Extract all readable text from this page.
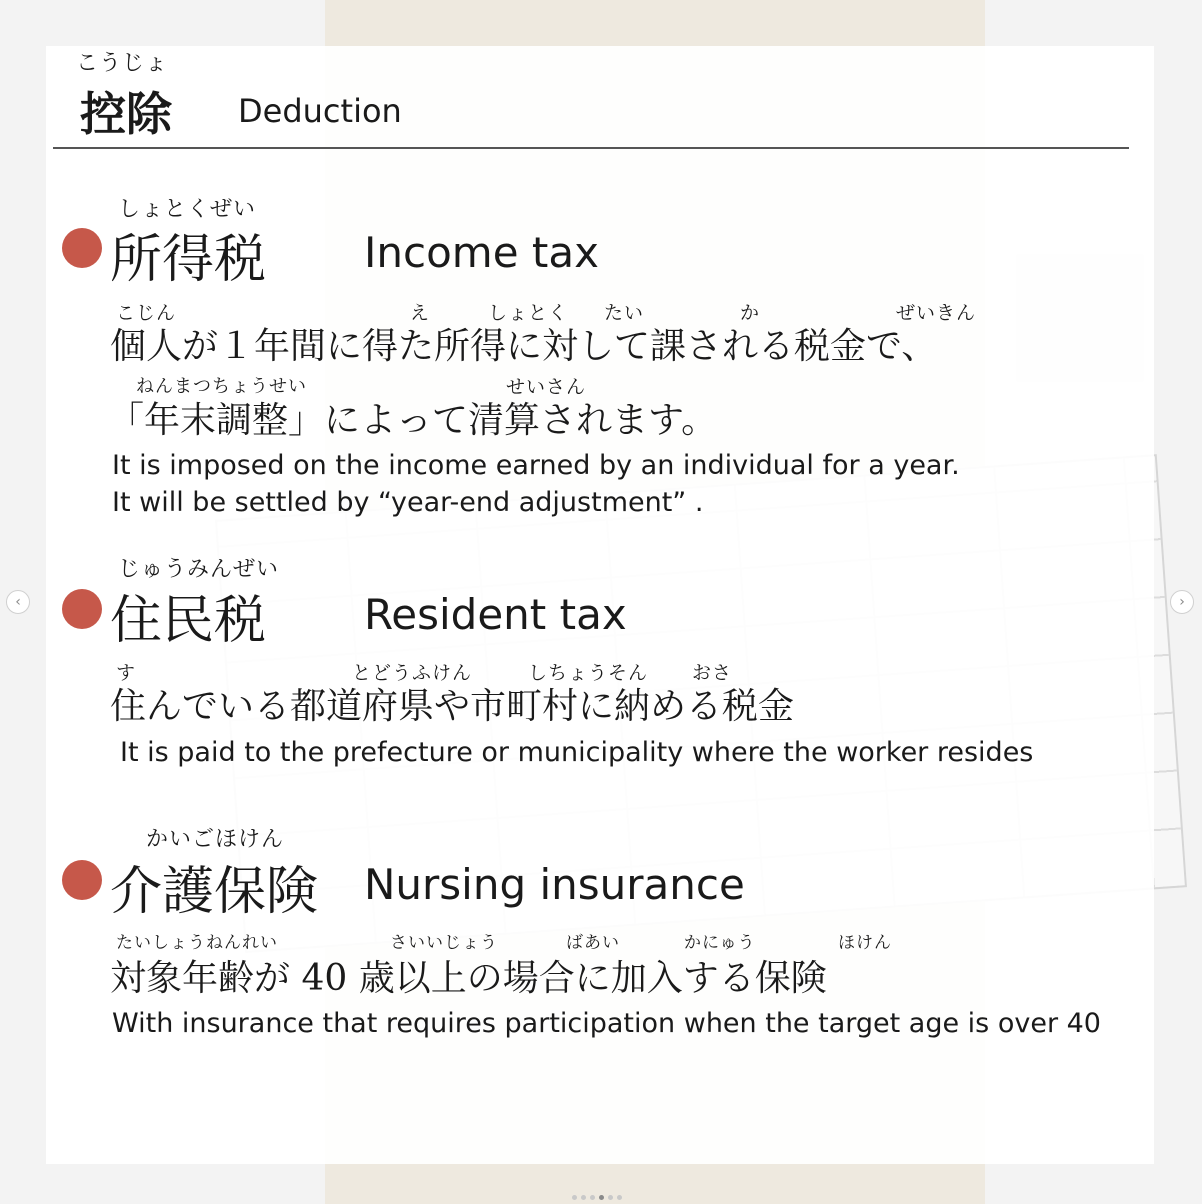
こうじょ
控除 Deduction
しょとくぜい
所得税 Income tax
こじん	え	しょとく たい	か	ぜいきん
個人が１年間に得た所得に対して課される税金で、
ねんまつちょうせい	せいさん
「年末調整」によって清算されます。
It is imposed on the income earned by an individual for a year.
It will be settled by “year-end adjustment” .
じゅうみんぜい
住民税 Resident tax
す	とどうふけん	しちょうそん おさ
住んでいる都道府県や市町村に納める税金
It is paid to the prefecture or municipality where the worker resides
かいごほけん
介護保険 Nursing insurance
たいしょうねんれい	さいいじょう	ばあい	かにゅう	ほけん
対象年齢が 40 歳以上の場合に加入する保険
With insurance that requires participation when the target age is over 40
‹	›
